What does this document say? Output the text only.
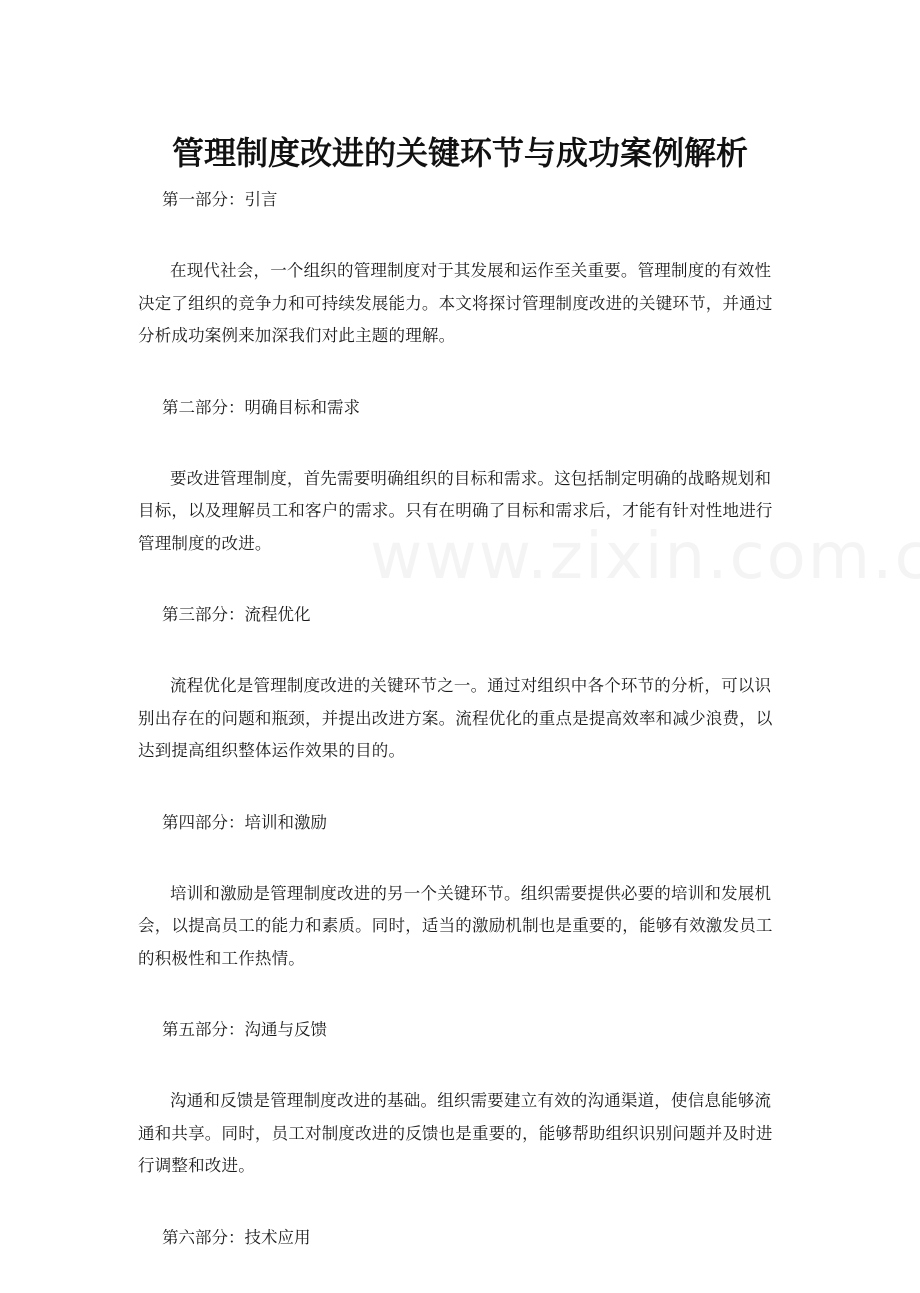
管理制度改进的关键环节与成功案例解析

第一部分：引言

在现代社会，一个组织的管理制度对于其发展和运作至关重要。管理制度的有效性决定了组织的竞争力和可持续发展能力。本文将探讨管理制度改进的关键环节，并通过分析成功案例来加深我们对此主题的理解。

第二部分：明确目标和需求

要改进管理制度，首先需要明确组织的目标和需求。这包括制定明确的战略规划和目标，以及理解员工和客户的需求。只有在明确了目标和需求后，才能有针对性地进行管理制度的改进。

第三部分：流程优化

流程优化是管理制度改进的关键环节之一。通过对组织中各个环节的分析，可以识别出存在的问题和瓶颈，并提出改进方案。流程优化的重点是提高效率和减少浪费，以达到提高组织整体运作效果的目的。

第四部分：培训和激励

培训和激励是管理制度改进的另一个关键环节。组织需要提供必要的培训和发展机会，以提高员工的能力和素质。同时，适当的激励机制也是重要的，能够有效激发员工的积极性和工作热情。

第五部分：沟通与反馈

沟通和反馈是管理制度改进的基础。组织需要建立有效的沟通渠道，使信息能够流通和共享。同时，员工对制度改进的反馈也是重要的，能够帮助组织识别问题并及时进行调整和改进。

第六部分：技术应用
